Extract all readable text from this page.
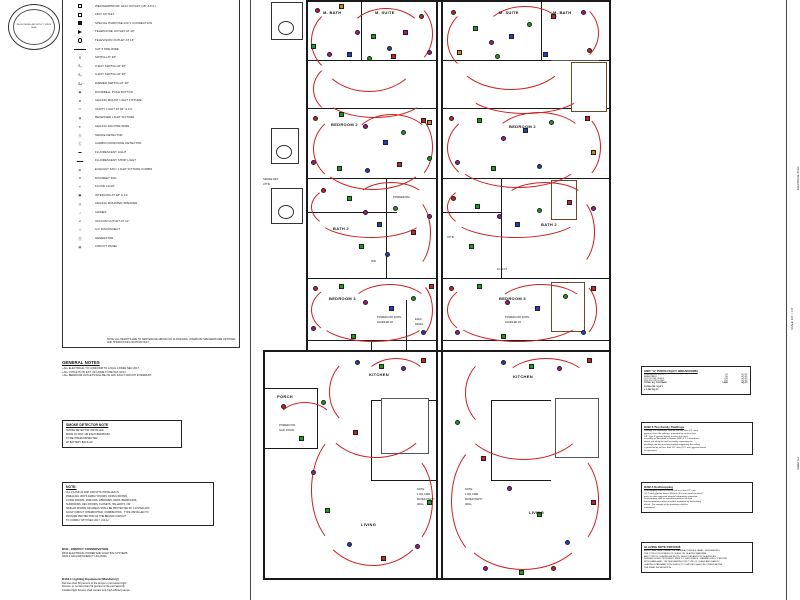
REGISTERED ARCHITECT STATE SEAL
WEATHERPROOF GFCI OUTLET (18" A.F.F.)
220V OUTLET
SPECIAL PURPOSE 220 V CONNECTION
TELEPHONE OUTLET AT 18"
TELEVISION OUTLET AT 18"
CAT 5 PRE-WIRE
S	SWITCH AT 48"
S₃	3-WAY SWITCH AT 48"
S₄	4-WAY SWITCH AT 48"
S𝒹	DIMMER SWITCH AT 48"
◉	DOORBELL PUSH BUTTON
⊗	CEILING MOUNT LIGHT FIXTURE
▭	VANITY LIGHT AT 84" A.F.F.
◍	RECESSED LIGHT FIXTURE
✳	CEILING FAN PRE-WIRE
Ⓢ	SMOKE DETECTOR
Ⓒ	CARBON MONOXIDE DETECTOR
▬	FLUORESCENT LIGHT
▬▬	FLUORESCENT STRIP LIGHT
⊞	EXHAUST FAN / LIGHT FIXTURE COMBO
⊜	DISCREET FAN
◓	FLOOD LIGHT
▣	INTERCOM AT 48" A.F.F.
◎	CEILING MOUNTED SPEAKER
♪	CHIMES
⌀	VACUUM OUTLET AT 12"
⎓	A/C DISCONNECT
Ⓖ	GENERATOR
▤	CIRCUIT PANEL
NOTE: ALL HEIGHTS ARE TO CENTERLINE ABOVE FIN. FLOOR ENG. INTERCOM SPEAKERS ARE OPTIONAL AND SHOWN FOR LOCATION ONLY.
GENERAL NOTES
• ALL ELECTRICAL TO CONFORM TO LOCAL CODES NEC 2017.
• ALL OUTLETS ON EXT. OF HOME TO BE W.P. GFCI.
• ALL BEDROOM OUTLETS WILL BE ON ARC FAULT CIRCUIT INTERRUPT.
SMOKE DETECTOR NOTE

SMOKE DETECTOR INSTALLED

MIN'M 10' DIST. OR EACH BEDROOM

TO BE INTERCONNECTED

W/ BATTERY BACK-UP

NOTE:

ALL 15 AND 20 AMP CIRCUITS INSTALLED IN

DWELLING UNITS FAMILY ROOMS, DINING ROOMS,

LIVING ROOMS, PARLORS, LIBRARIES, DENS, BEDROOMS,

SUNROOMS, REC ROOMS, CLOSETS, HALLWAYS, OR

SIMILAR ROOMS OR AREAS SHALL BE PROTECTED BY A LISTED ARC

FAULT CIRCUIT INTERRUPTER, COMBINATION - TYPE INSTALLED TO

PROVIDE PROTECTION OF THE BRANCH CIRCUIT

TO COMPLY WITH NEC 2017, 210.12

RCB - ENERGY CONSERVATION
R404 ELECTRICAL POWER AND LIGHTING SYSTEMS
R404.1 HIGH EFFICIENCY LIGHTING.
R404.1 Lighting Equipment (Mandatory)
Not less than 50 percent of the lamps in permanent light
fixtures, or not less than 50 percent of the permanently
installed light fixtures shall contain only high-efficacy lamps.
M. BATH	M. SUITE	M. SUITE	M. BATH
BEDROOM 2	BEDROOM 2
BATH 2
BATH 2
BEDROOM 3	BEDROOM 3
KITCHEN	KITCHEN
PORCH
LIVING
LIVING
POWDER RM.
ATTIC
W/D
10 20 FT
POWER FOR FURN.
HANDLER #2
ELEC.
PANEL
POWER FOR FURN.
HANDLER #1
POWER FOR
GAR. DOOR
NOTE:
1 HR. FIRE
RATED PARTY
WALL
NOTE:
1 HR. FIRE
RATED PARTY
WALL
SMOKE DET.
ATTIC
UNIT "A" PORCH SQ.FT. BREAKDOWN
PORCH (4'-0" X 6'-0")	24	SQ.FT.
REAR PATIO	96	SQ.FT.
1ST FLOOR LIVING	744	SQ.FT.
2ND FLOOR LIVING	744	SQ.FT.
TOTAL SQ. FOOTAGE	1,488	SQ.FT.

TOTAL FIN. SQ.FT.

= 1,608 SQ.FT.

R302.6 Two-Family Dwellings

Dwelling unit separation shall be not less than 1/2" thick

gypsum sheet the ceiling is protected by not less than

5/8" Type X gypsum board, or other fire rated

assembly as described in Section R302.3.1, a membrane

above and along the wall assembly separating the

dwellings and the structural framing supporting the ceiling

is protected by not less than 1/2" thick (12.7 mm) gypsum board

or equivalent.

R302.5 Draftstopping

Draftstopping material shall be not less than 1/2" inch

(12.7 mm) gypsum board, 3/8-inch (9.5 mm) wood structural

panel or other approved material adequately supported.

Draftstopping shall be installed parallel to the floor

framing members when provided separated by the building

official. The integrity of the draftstops shall be

maintained.

GLAZING NOTE PER R308

EACH PANE SHALL BEAR THE MANUFACTURER'S LABEL, DESIGNATING

THE TYPE & THICKNESS OF GLASS OR GLAZING MATERIAL,

AND TYPE OF GLAZING AS REQ'D. IN ACCORDANCE W/ GLAZING AS

DEFINED IN SECTION R308.1 R308.1.1 THRU R308.4 - HAZARDOUS LOCATIONS

WITH LABEL AND / OR DESIGNATING THE TYPE OF GLASS AND SAFETY

GLAZING STANDARD WITH WHICH IT COMPLIES SHALL BE VISIBLE AFTER

THE FINAL INSTALLATION.

ELECTRICAL PLAN
SCALE: 1/4" = 1'-0"
SHEET E-1
